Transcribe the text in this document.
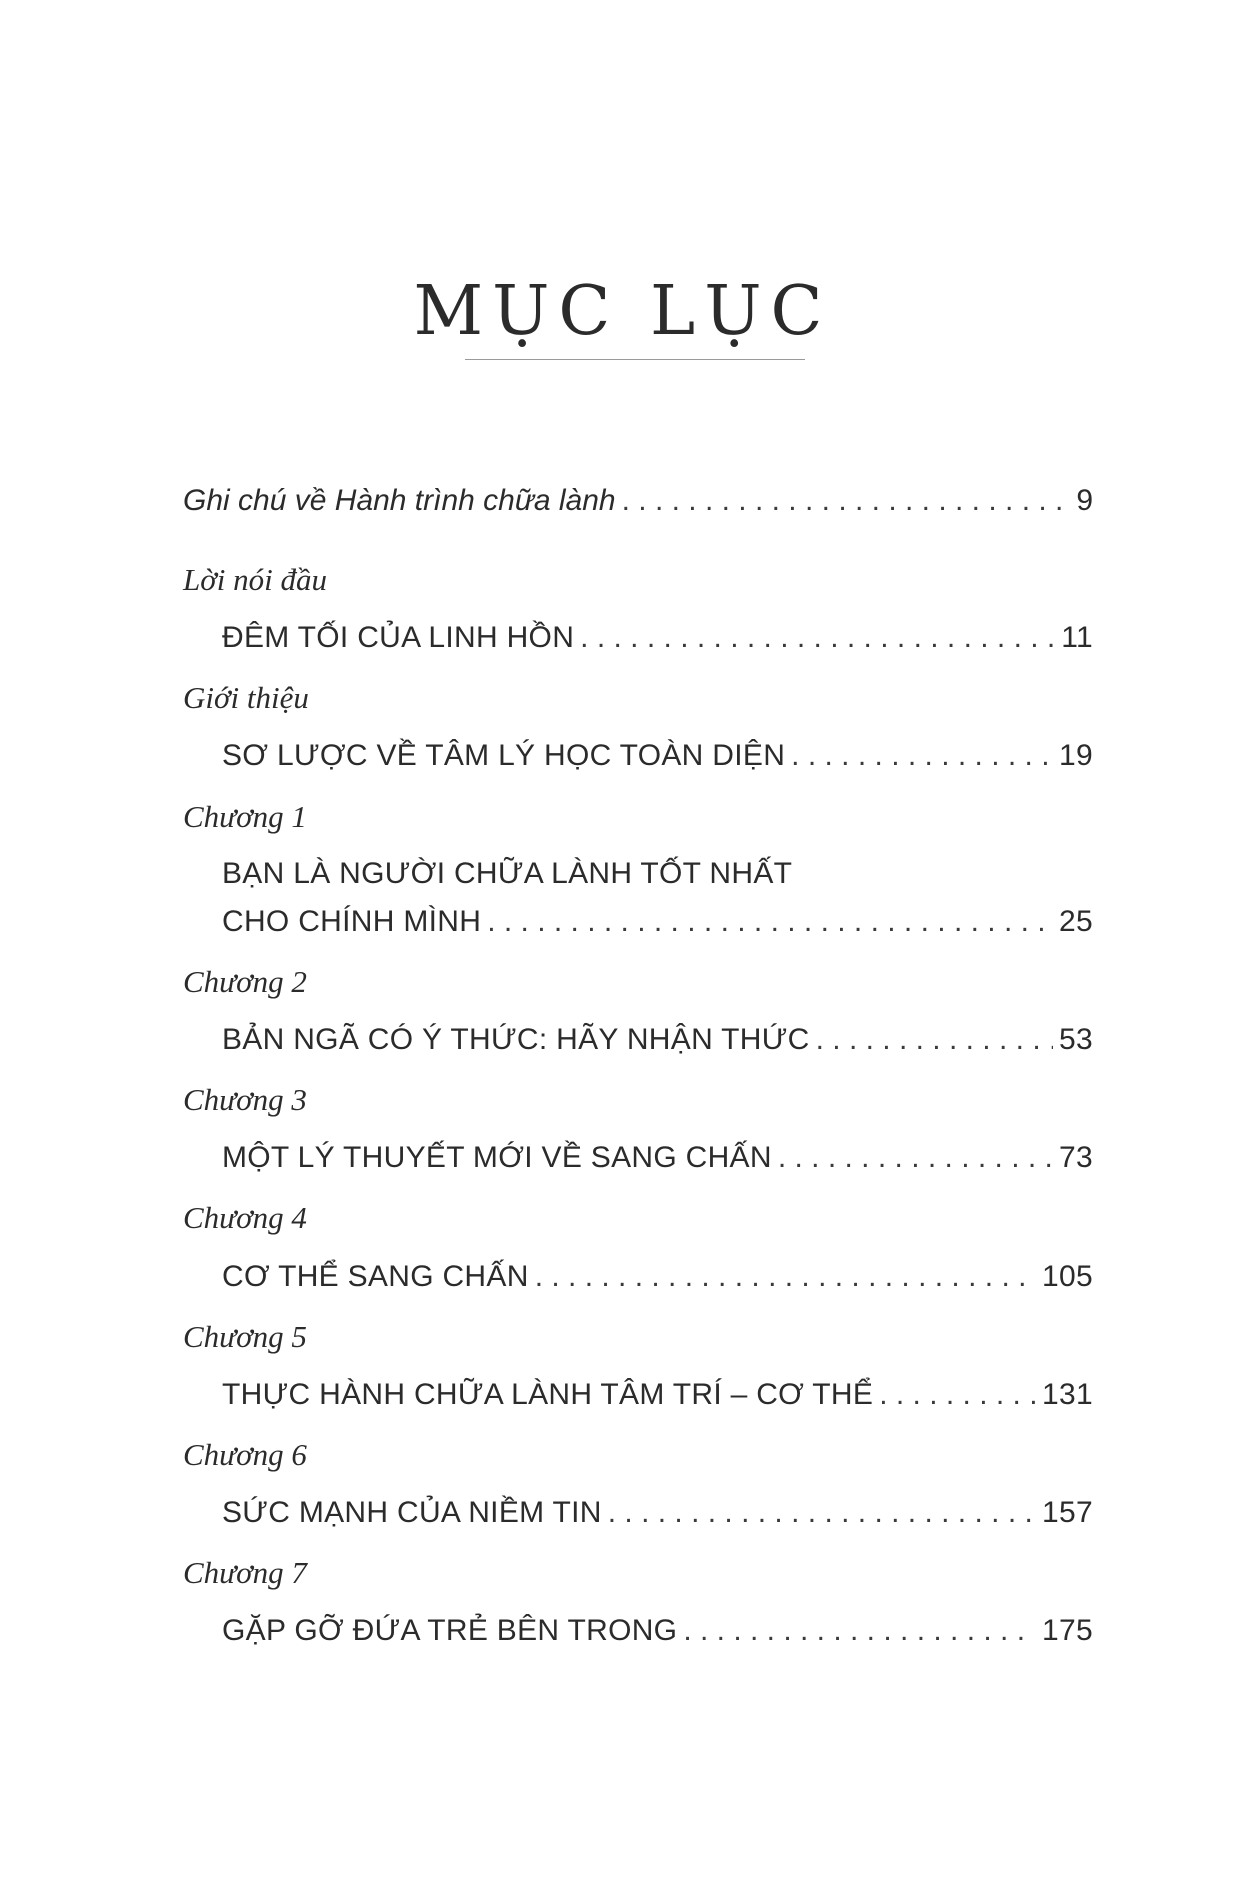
MỤC LỤC
Ghi chú về Hành trình chữa lành . . .	9
Lời nói đầu
ĐÊM TỐI CỦA LINH HỒN . . .	11
Giới thiệu
SƠ LƯỢC VỀ TÂM LÝ HỌC TOÀN DIỆN . . .	19
Chương 1
BẠN LÀ NGƯỜI CHỮA LÀNH TỐT NHẤT
CHO CHÍNH MÌNH . . .	25
Chương 2
BẢN NGÃ CÓ Ý THỨC: HÃY NHẬN THỨC . . .	53
Chương 3
MỘT LÝ THUYẾT MỚI VỀ SANG CHẤN . . .	73
Chương 4
CƠ THỂ SANG CHẤN . . .	105
Chương 5
THỰC HÀNH CHỮA LÀNH TÂM TRÍ – CƠ THỂ . . .	131
Chương 6
SỨC MẠNH CỦA NIỀM TIN . . .	157
Chương 7
GẶP GỠ ĐỨA TRẺ BÊN TRONG . . .	175
